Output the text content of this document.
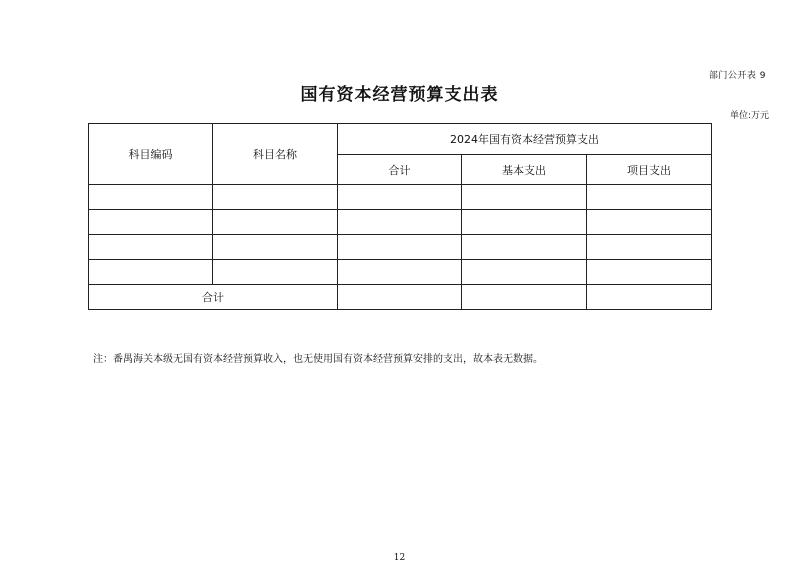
部门公开表 9
国有资本经营预算支出表
单位:万元
科目编码	科目名称	2024年国有资本经营预算支出		
		合计	基本支出	项目支出

合计				
注：番禺海关本级无国有资本经营预算收入，也无使用国有资本经营预算安排的支出，故本表无数据。
12
